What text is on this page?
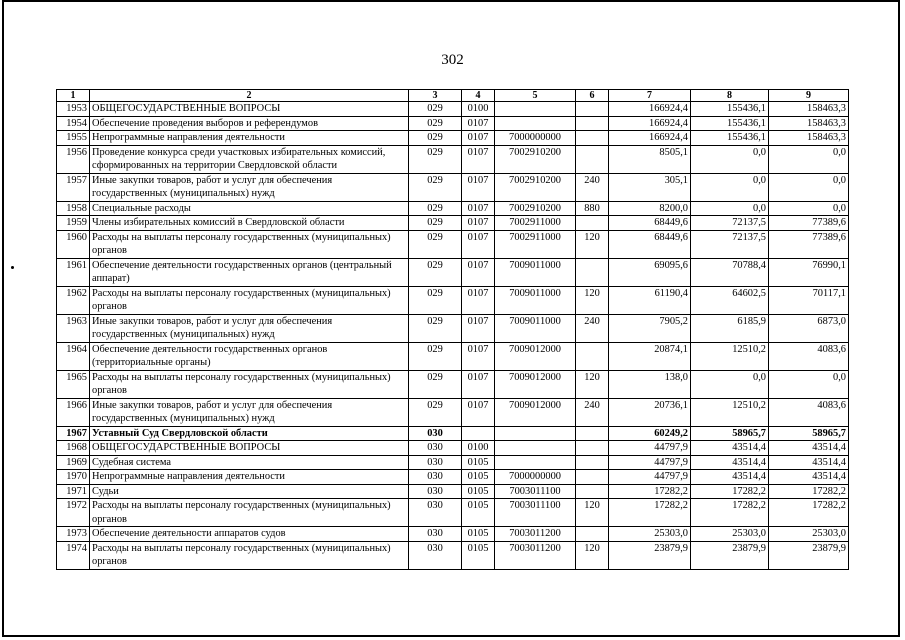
302
1	2	3	4	5	6	7	8	9
1953	ОБЩЕГОСУДАРСТВЕННЫЕ ВОПРОСЫ	029	0100			166924,4	155436,1	158463,3
1954	Обеспечение проведения выборов и референдумов	029	0107			166924,4	155436,1	158463,3
1955	Непрограммные направления деятельности	029	0107	7000000000		166924,4	155436,1	158463,3
1956	Проведение конкурса среди участковых избирательных комиссий, сформированных на территории Свердловской области	029	0107	7002910200		8505,1	0,0	0,0
1957	Иные закупки товаров, работ и услуг для обеспечения государственных (муниципальных) нужд	029	0107	7002910200	240	305,1	0,0	0,0
1958	Специальные расходы	029	0107	7002910200	880	8200,0	0,0	0,0
1959	Члены избирательных комиссий в Свердловской области	029	0107	7002911000		68449,6	72137,5	77389,6
1960	Расходы на выплаты персоналу государственных (муниципальных) органов	029	0107	7002911000	120	68449,6	72137,5	77389,6
1961	Обеспечение деятельности государственных органов (центральный аппарат)	029	0107	7009011000		69095,6	70788,4	76990,1
1962	Расходы на выплаты персоналу государственных (муниципальных) органов	029	0107	7009011000	120	61190,4	64602,5	70117,1
1963	Иные закупки товаров, работ и услуг для обеспечения государственных (муниципальных) нужд	029	0107	7009011000	240	7905,2	6185,9	6873,0
1964	Обеспечение деятельности государственных органов (территориальные органы)	029	0107	7009012000		20874,1	12510,2	4083,6
1965	Расходы на выплаты персоналу государственных (муниципальных) органов	029	0107	7009012000	120	138,0	0,0	0,0
1966	Иные закупки товаров, работ и услуг для обеспечения государственных (муниципальных) нужд	029	0107	7009012000	240	20736,1	12510,2	4083,6
1967	Уставный Суд Свердловской области	030				60249,2	58965,7	58965,7
1968	ОБЩЕГОСУДАРСТВЕННЫЕ ВОПРОСЫ	030	0100			44797,9	43514,4	43514,4
1969	Судебная система	030	0105			44797,9	43514,4	43514,4
1970	Непрограммные направления деятельности	030	0105	7000000000		44797,9	43514,4	43514,4
1971	Судьи	030	0105	7003011100		17282,2	17282,2	17282,2
1972	Расходы на выплаты персоналу государственных (муниципальных) органов	030	0105	7003011100	120	17282,2	17282,2	17282,2
1973	Обеспечение деятельности аппаратов судов	030	0105	7003011200		25303,0	25303,0	25303,0
1974	Расходы на выплаты персоналу государственных (муниципальных) органов	030	0105	7003011200	120	23879,9	23879,9	23879,9
